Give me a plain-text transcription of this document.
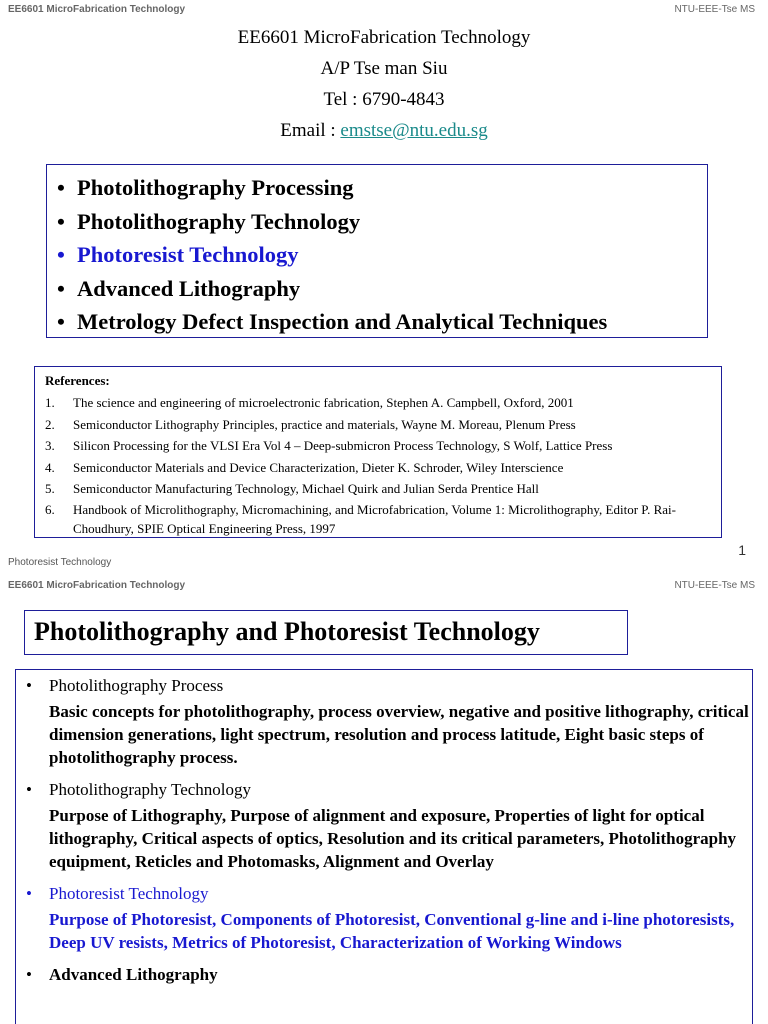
EE6601 MicroFabrication Technology	NTU-EEE-Tse MS
EE6601 MicroFabrication Technology
A/P Tse man Siu
Tel : 6790-4843
Email : emstse@ntu.edu.sg
• Photolithography Processing
• Photolithography Technology
• Photoresist Technology
• Advanced Lithography
• Metrology Defect Inspection and Analytical Techniques
References:
1.	The science and engineering of microelectronic fabrication, Stephen A. Campbell, Oxford, 2001
2.	Semiconductor Lithography Principles, practice and materials, Wayne M. Moreau, Plenum Press
3.	Silicon Processing for the VLSI Era Vol 4 – Deep-submicron Process Technology, S Wolf, Lattice Press
4.	Semiconductor Materials and Device Characterization, Dieter K. Schroder, Wiley Interscience
5.	Semiconductor Manufacturing Technology, Michael Quirk and Julian Serda Prentice Hall
6.	Handbook of Microlithography, Micromachining, and Microfabrication, Volume 1: Microlithography, Editor P. Rai-Choudhury, SPIE Optical Engineering Press, 1997
Photoresist Technology
1
EE6601 MicroFabrication Technology	NTU-EEE-Tse MS
Photolithography and Photoresist Technology
•	Photolithography Process
Basic concepts for photolithography, process overview, negative and positive lithography, critical dimension generations, light spectrum, resolution and process latitude, Eight basic steps of photolithography process.
•	Photolithography Technology
Purpose of Lithography, Purpose of alignment and exposure, Properties of light for optical lithography, Critical aspects of optics, Resolution and its critical parameters, Photolithography equipment, Reticles and Photomasks, Alignment and Overlay
•	Photoresist Technology
Purpose of Photoresist, Components of Photoresist, Conventional g-line and i-line photoresists, Deep UV resists, Metrics of Photoresist, Characterization of Working Windows
•	Advanced Lithography
